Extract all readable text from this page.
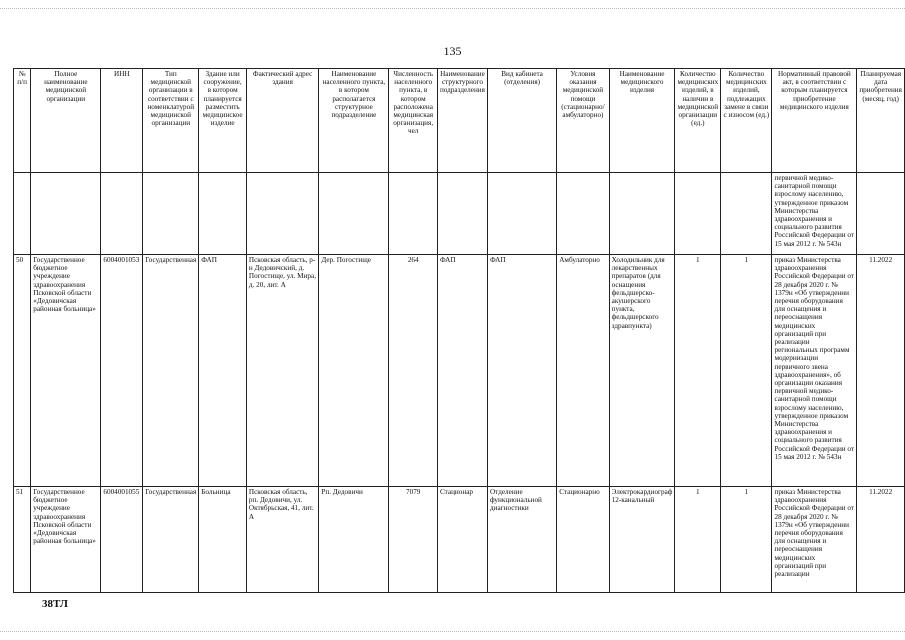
135
№ п/п	Полное наименование медицинской организации	ИНН	Тип медицинской организации в соответствии с номенклатурой медицинской организации	Здание или сооружение, в котором планируется разместить медицинское изделие	Фактический адрес здания	Наименование населенного пункта, в котором располагается структурное подразделение	Численность населенного пункта, в котором расположена медицинская организация, чел	Наименование структурного подразделения	Вид кабинета (отделения)	Условия оказания медицинской помощи (стационарно/ амбулаторно)	Наименование медицинского изделия	Количество медицинских изделий, в наличии в медицинской организации (ед.)	Количество медицинских изделий, подлежащих замене в связи с износом (ед.)	Нормативный правовой акт, в соответствии с которым планируется приобретение медицинского изделия	Планируемая дата приобретения (месяц, год)
														первичной медико-санитарной помощи взрослому населению, утвержденное приказом Министерства здравоохранения и социального развития Российской Федерации от 15 мая 2012 г. № 543н	
50	Государственное бюджетное учреждение здравоохранения Псковской области «Дедовичская районная больница»	6004001053	Государственная	ФАП	Псковская область, р-н Дедовичский, д. Погостище, ул. Мира, д. 20, лит. А	Дер. Погостище	264	ФАП	ФАП	Амбулаторно	Холодильник для лекарственных препаратов (для оснащения фельдшерско-акушерского пункта, фельдшерского здравпункта)	1	1	приказ Министерства здравоохранения Российской Федерации от 28 декабря 2020 г. № 1379н «Об утверждении перечня оборудования для оснащения и переоснащения медицинских организаций при реализации региональных программ модернизации первичного звена здравоохранения», об организации оказания первичной медико-санитарной помощи взрослому населению, утвержденное приказом Министерства здравоохранения и социального развития Российской Федерации от 15 мая 2012 г. № 543н	11.2022
51	Государственное бюджетное учреждение здравоохранения Псковской области «Дедовичская районная больница»	6004001055	Государственная	Больница	Псковская область, рп. Дедовичи, ул. Октябрьская, 41, лит. А	Рп. Дедовичи	7079	Стационар	Отделение функциональной диагностики	Стационарно	Электрокардиограф 12-канальный	1	1	приказ Министерства здравоохранения Российской Федерации от 28 декабря 2020 г. № 1379н «Об утверждении перечня оборудования для оснащения и переоснащения медицинских организаций при реализации	11.2022
38ТЛ
